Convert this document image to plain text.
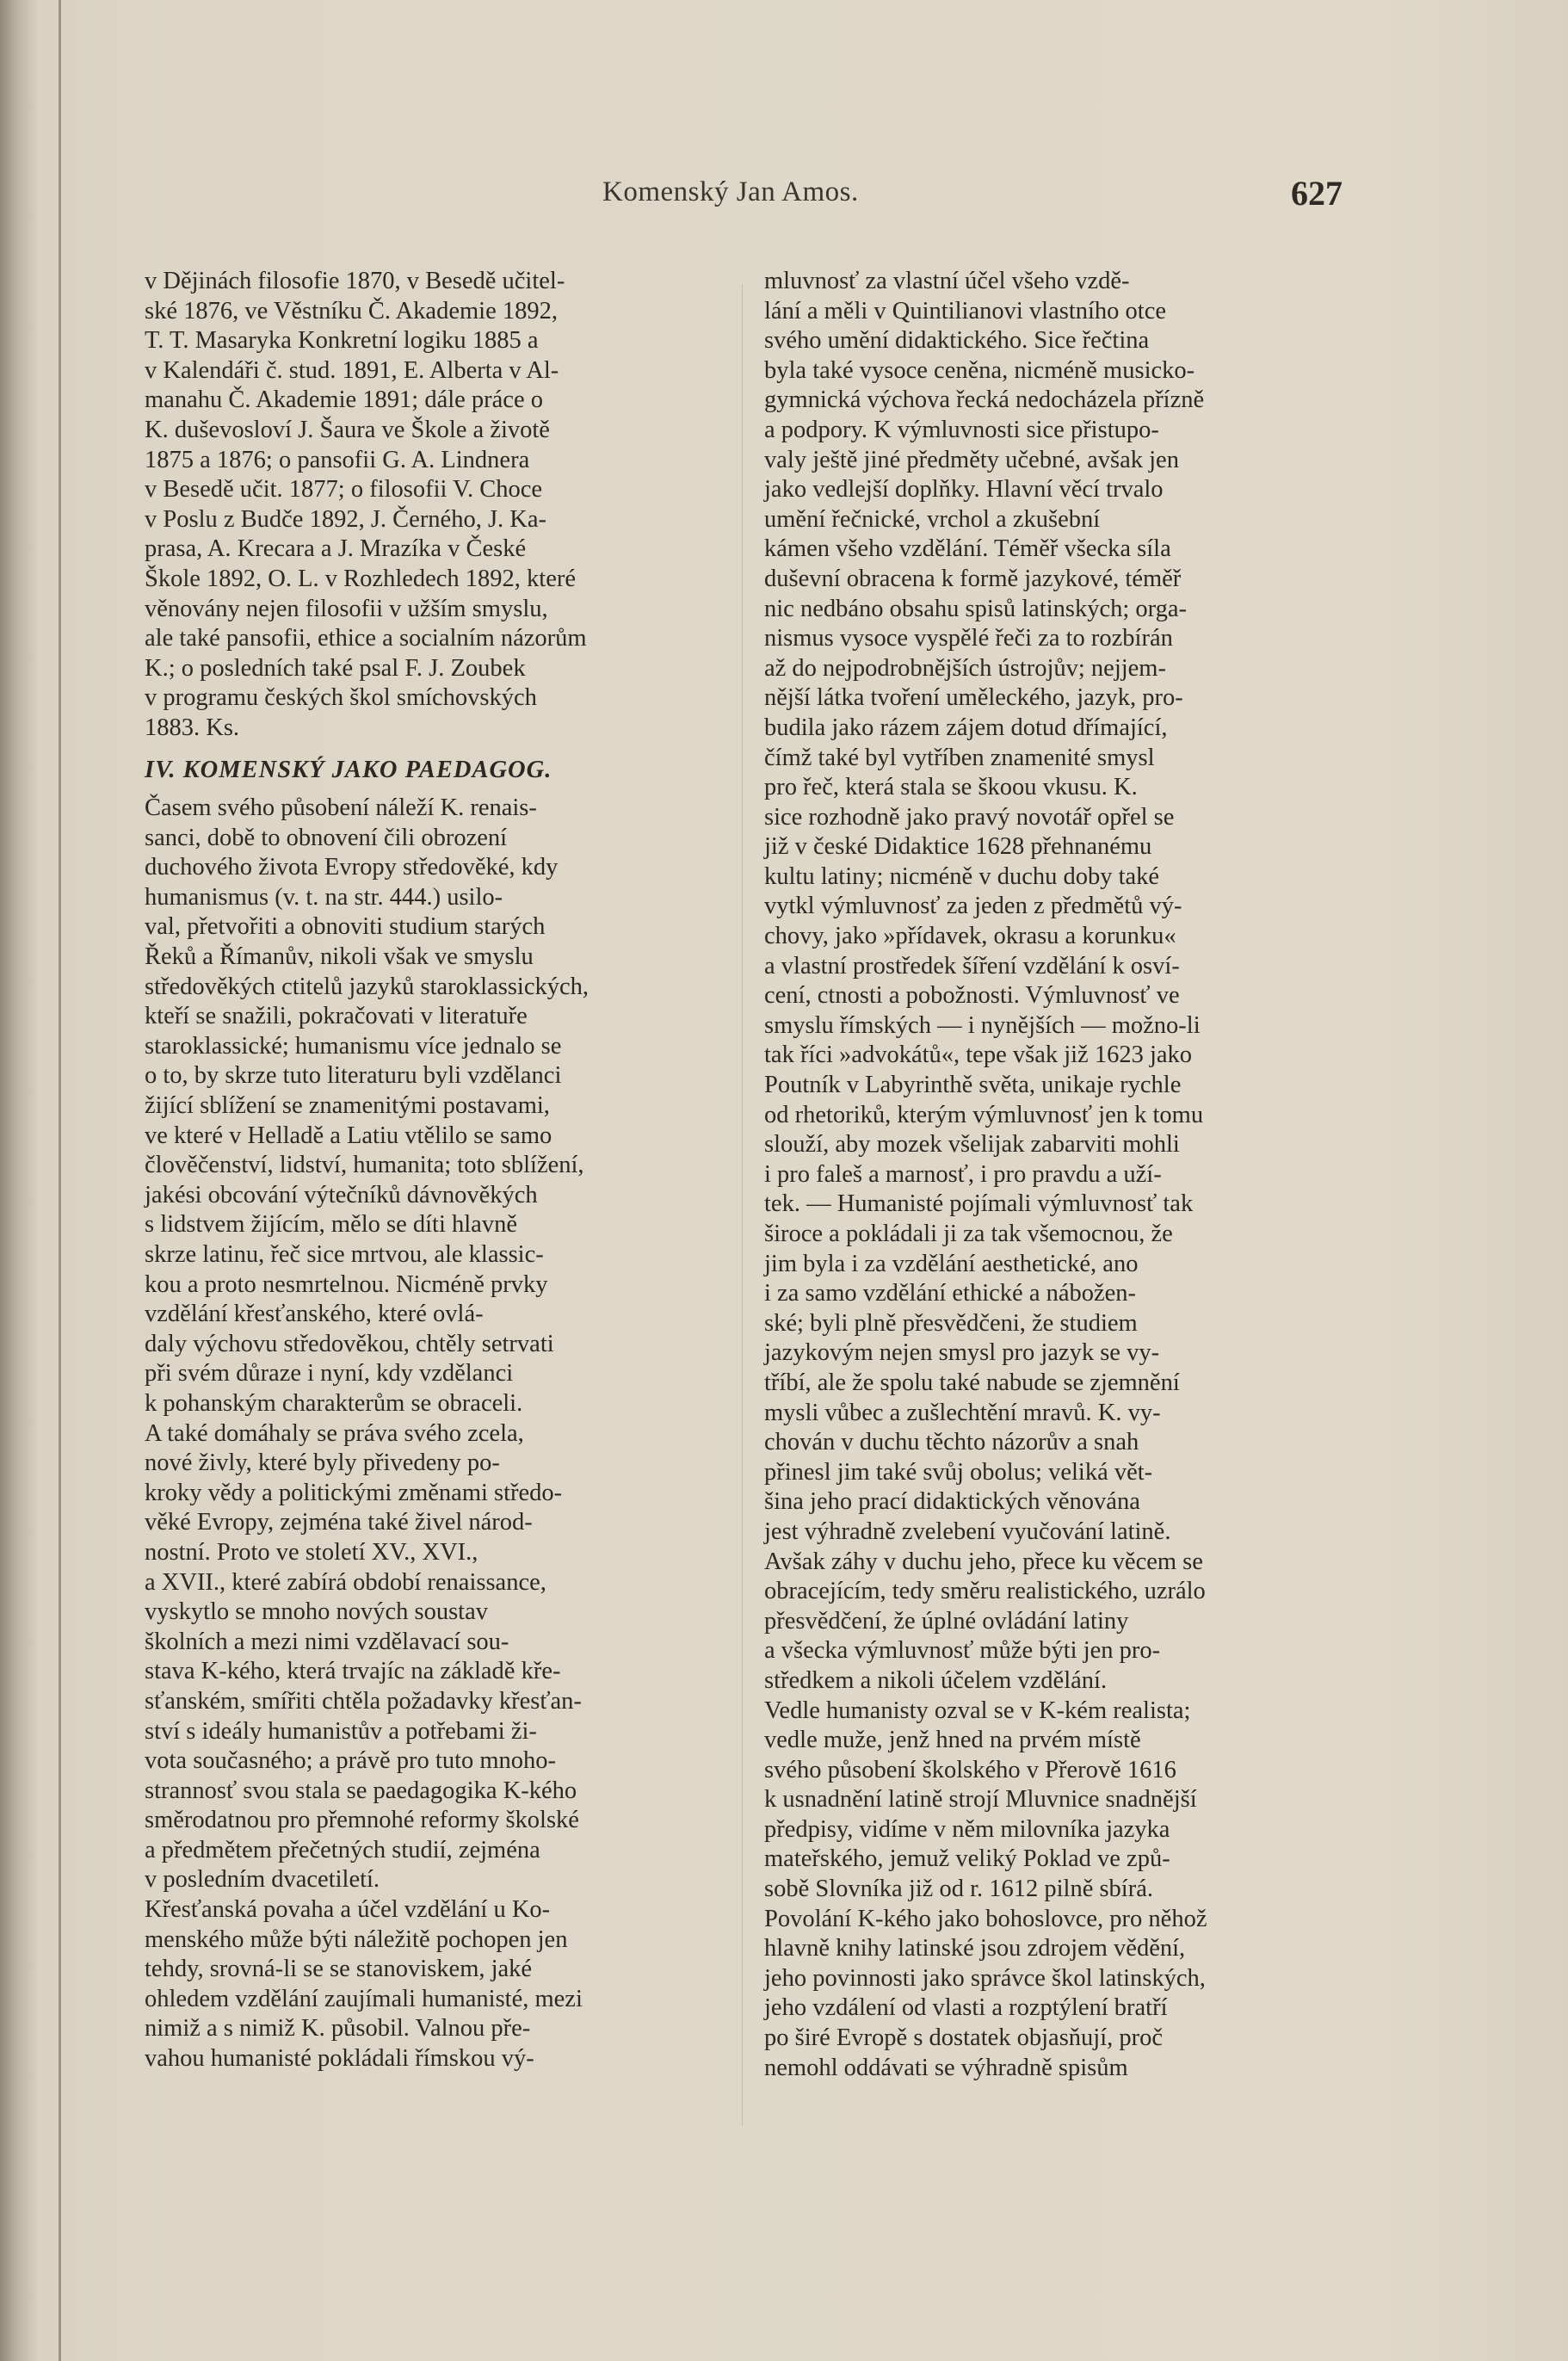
Komenský Jan Amos.	627
v Dějinách filosofie 1870, v Besedě učitel-
ské 1876, ve Věstníku Č. Akademie 1892,
T. T. Masaryka Konkretní logiku 1885 a
v Kalendáři č. stud. 1891, E. Alberta v Al-
manahu Č. Akademie 1891; dále práce o
K. duševosloví J. Šaura ve Škole a životě
1875 a 1876; o pansofii G. A. Lindnera
v Besedě učit. 1877; o filosofii V. Choce
v Poslu z Budče 1892, J. Černého, J. Ka-
prasa, A. Krecara a J. Mrazíka v České
Škole 1892, O. L. v Rozhledech 1892, které
věnovány nejen filosofii v užším smyslu,
ale také pansofii, ethice a socialním názorům
K.; o posledních také psal F. J. Zoubek
v programu českých škol smíchovských
1883. Ks.
IV. KOMENSKÝ JAKO PAEDAGOG.
Časem svého působení náleží K. renais-
sanci, době to obnovení čili obrození
duchového života Evropy středověké, kdy
humanismus (v. t. na str. 444.) usilo-
val, přetvořiti a obnoviti studium starých
Řeků a Římanův, nikoli však ve smyslu
středověkých ctitelů jazyků staroklassických,
kteří se snažili, pokračovati v literatuře
staroklassické; humanismu více jednalo se
o to, by skrze tuto literaturu byli vzdělanci
žijící sblížení se znamenitými postavami,
ve které v Helladě a Latiu vtělilo se samo
člověčenství, lidství, humanita; toto sblížení,
jakési obcování výtečníků dávnověkých
s lidstvem žijícím, mělo se díti hlavně
skrze latinu, řeč sice mrtvou, ale klassic-
kou a proto nesmrtelnou. Nicméně prvky
vzdělání křesťanského, které ovlá-
daly výchovu středověkou, chtěly setrvati
při svém důraze i nyní, kdy vzdělanci
k pohanským charakterům se obraceli.
A také domáhaly se práva svého zcela,
nové živly, které byly přivedeny po-
kroky vědy a politickými změnami středo-
věké Evropy, zejména také živel národ-
nostní. Proto ve století XV., XVI.,
a XVII., které zabírá období renaissance,
vyskytlo se mnoho nových soustav
školních a mezi nimi vzdělavací sou-
stava K-kého, která trvajíc na základě kře-
sťanském, smířiti chtěla požadavky křesťan-
ství s ideály humanistův a potřebami ži-
vota současného; a právě pro tuto mnoho-
strannosť svou stala se paedagogika K-kého
směrodatnou pro přemnohé reformy školské
a předmětem přečetných studií, zejména
v posledním dvacetiletí.
Křesťanská povaha a účel vzdělání u Ko-
menského může býti náležitě pochopen jen
tehdy, srovná-li se se stanoviskem, jaké
ohledem vzdělání zaujímali humanisté, mezi
nimiž a s nimiž K. působil. Valnou pře-
vahou humanisté pokládali římskou vý-
mluvnosť za vlastní účel všeho vzdě-
lání a měli v Quintilianovi vlastního otce
svého umění didaktického. Sice řečtina
byla také vysoce ceněna, nicméně musicko-
gymnická výchova řecká nedocházela přízně
a podpory. K výmluvnosti sice přistupo-
valy ještě jiné předměty učebné, avšak jen
jako vedlejší doplňky. Hlavní věcí trvalo
umění řečnické, vrchol a zkušební
kámen všeho vzdělání. Téměř všecka síla
duševní obracena k formě jazykové, téměř
nic nedbáno obsahu spisů latinských; orga-
nismus vysoce vyspělé řeči za to rozbírán
až do nejpodrobnějších ústrojův; nejjem-
nější látka tvoření uměleckého, jazyk, pro-
budila jako rázem zájem dotud dřímající,
čímž také byl vytříben znamenité smysl
pro řeč, která stala se škoou vkusu. K.
sice rozhodně jako pravý novotář opřel se
již v české Didaktice 1628 přehnanému
kultu latiny; nicméně v duchu doby také
vytkl výmluvnosť za jeden z předmětů vý-
chovy, jako »přídavek, okrasu a korunku«
a vlastní prostředek šíření vzdělání k osví-
cení, ctnosti a pobožnosti. Výmluvnosť ve
smyslu římských — i nynějších — možno-li
tak říci »advokátů«, tepe však již 1623 jako
Poutník v Labyrinthě světa, unikaje rychle
od rhetoriků, kterým výmluvnosť jen k tomu
slouží, aby mozek všelijak zabarviti mohli
i pro faleš a marnosť, i pro pravdu a uží-
tek. — Humanisté pojímali výmluvnosť tak
široce a pokládali ji za tak všemocnou, že
jim byla i za vzdělání aesthetické, ano
i za samo vzdělání ethické a nábožen-
ské; byli plně přesvědčeni, že studiem
jazykovým nejen smysl pro jazyk se vy-
tříbí, ale že spolu také nabude se zjemnění
mysli vůbec a zušlechtění mravů. K. vy-
chován v duchu těchto názorův a snah
přinesl jim také svůj obolus; veliká vět-
šina jeho prací didaktických věnována
jest výhradně zvelebení vyučování latině.
Avšak záhy v duchu jeho, přece ku věcem se
obracejícím, tedy směru realistického, uzrálo
přesvědčení, že úplné ovládání latiny
a všecka výmluvnosť může býti jen pro-
středkem a nikoli účelem vzdělání.
Vedle humanisty ozval se v K-kém realista;
vedle muže, jenž hned na prvém místě
svého působení školského v Přerově 1616
k usnadnění latině strojí Mluvnice snadnější
předpisy, vidíme v něm milovníka jazyka
mateřského, jemuž veliký Poklad ve způ-
sobě Slovníka již od r. 1612 pilně sbírá.
Povolání K-kého jako bohoslovce, pro něhož
hlavně knihy latinské jsou zdrojem vědění,
jeho povinnosti jako správce škol latinských,
jeho vzdálení od vlasti a rozptýlení bratří
po širé Evropě s dostatek objasňují, proč
nemohl oddávati se výhradně spisům
